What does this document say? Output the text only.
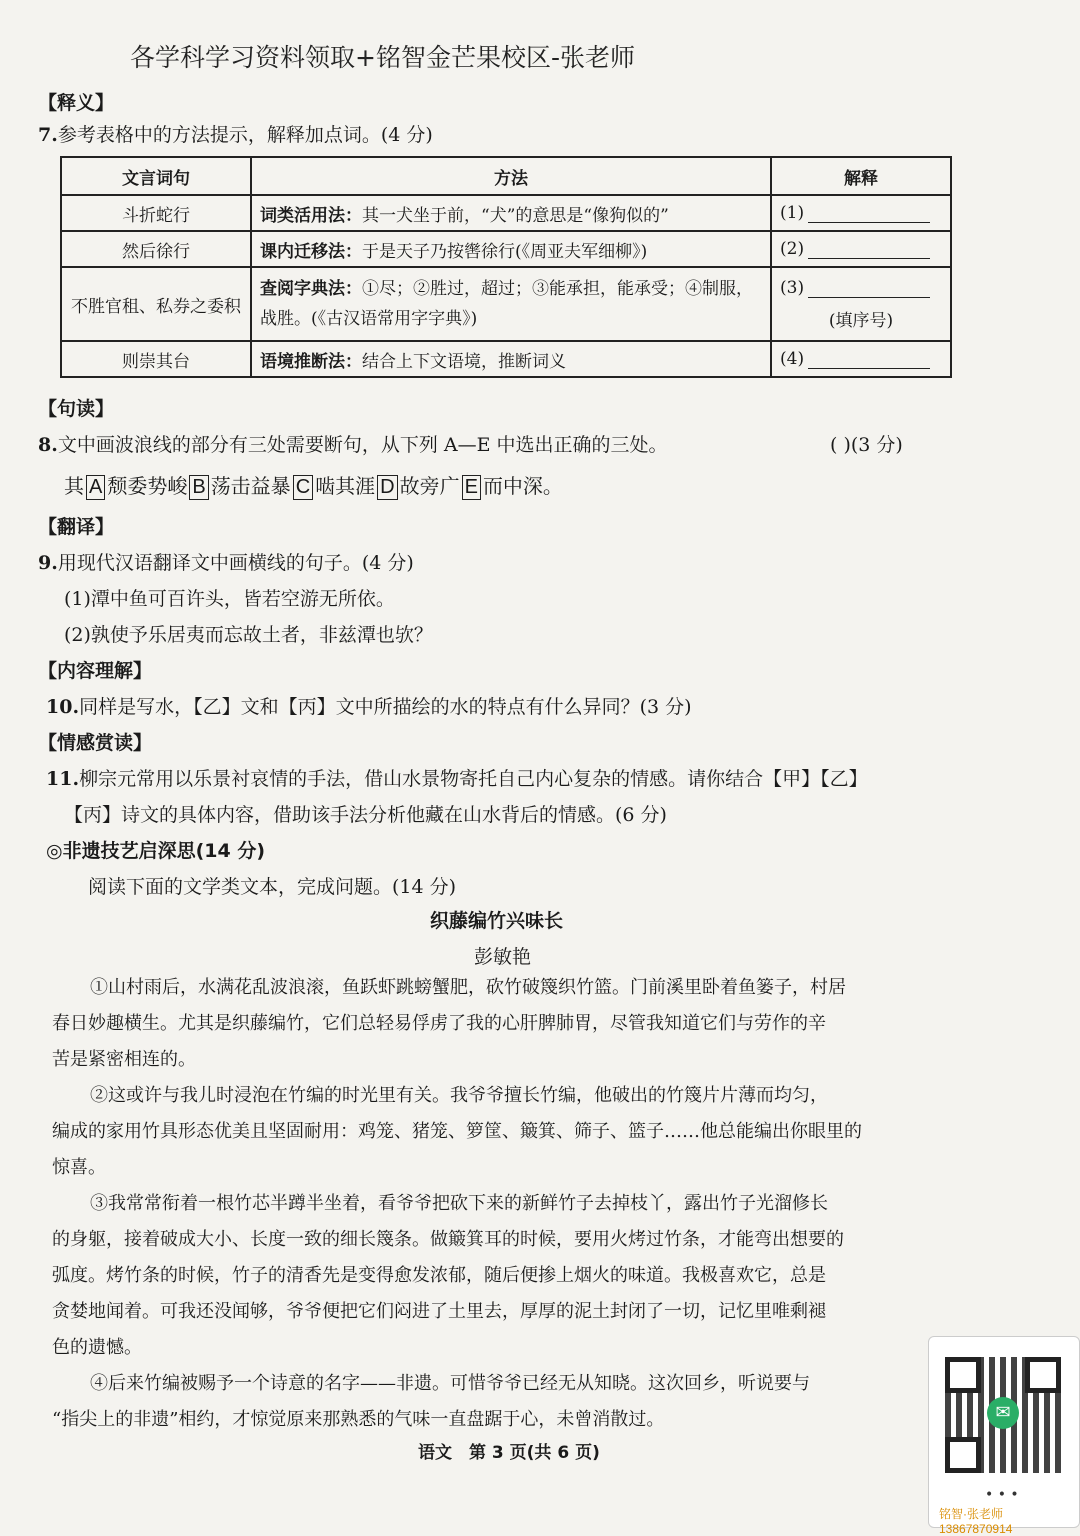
各学科学习资料领取+铭智金芒果校区-张老师
【释义】
7.参考表格中的方法提示，解释加点词。(4 分)
文言词句	方法	解释
斗折蛇行	词类活用法：其一犬坐于前，“犬”的意思是“像狗似的”	(1)
然后徐行	课内迁移法：于是天子乃按辔徐行(《周亚夫军细柳》)	(2)
不胜官租、私券之委积	查阅字典法：①尽；②胜过，超过；③能承担，能承受；④制服，战胜。(《古汉语常用字字典》)	(3)
(填序号)

则崇其台	语境推断法：结合上下文语境，推断词义	(4)
【句读】
8.文中画波浪线的部分有三处需要断句，从下列 A—E 中选出正确的三处。	( )(3 分)
其 A 颓委势峻 B 荡击益暴 C 啮其涯 D 故旁广 E 而中深。
【翻译】
9.用现代汉语翻译文中画横线的句子。(4 分)
(1)潭中鱼可百许头，皆若空游无所依。
(2)孰使予乐居夷而忘故土者，非兹潭也欤？
【内容理解】
10.同样是写水，【乙】文和【丙】文中所描绘的水的特点有什么异同？(3 分)
【情感赏读】
11.柳宗元常用以乐景衬哀情的手法，借山水景物寄托自己内心复杂的情感。请你结合【甲】【乙】
【丙】诗文的具体内容，借助该手法分析他藏在山水背后的情感。(6 分)
◎非遗技艺启深思(14 分)
阅读下面的文学类文本，完成问题。(14 分)
织藤编竹兴味长
彭敏艳
①山村雨后，水满花乱波浪滚，鱼跃虾跳螃蟹肥，砍竹破篾织竹篮。门前溪里卧着鱼篓子，村居
春日妙趣横生。尤其是织藤编竹，它们总轻易俘虏了我的心肝脾肺胃，尽管我知道它们与劳作的辛
苦是紧密相连的。
②这或许与我儿时浸泡在竹编的时光里有关。我爷爷擅长竹编，他破出的竹篾片片薄而均匀，
编成的家用竹具形态优美且坚固耐用：鸡笼、猪笼、箩筐、簸箕、筛子、篮子……他总能编出你眼里的
惊喜。
③我常常衔着一根竹芯半蹲半坐着，看爷爷把砍下来的新鲜竹子去掉枝丫，露出竹子光溜修长
的身躯，接着破成大小、长度一致的细长篾条。做簸箕耳的时候，要用火烤过竹条，才能弯出想要的
弧度。烤竹条的时候，竹子的清香先是变得愈发浓郁，随后便掺上烟火的味道。我极喜欢它，总是
贪婪地闻着。可我还没闻够，爷爷便把它们闷进了土里去，厚厚的泥土封闭了一切，记忆里唯剩褪
色的遗憾。
④后来竹编被赐予一个诗意的名字——非遗。可惜爷爷已经无从知晓。这次回乡，听说要与
“指尖上的非遗”相约，才惊觉原来那熟悉的气味一直盘踞于心，未曾消散过。
语文　第 3 页(共 6 页)
✉
• • •
铭智·张老师 13867870914
